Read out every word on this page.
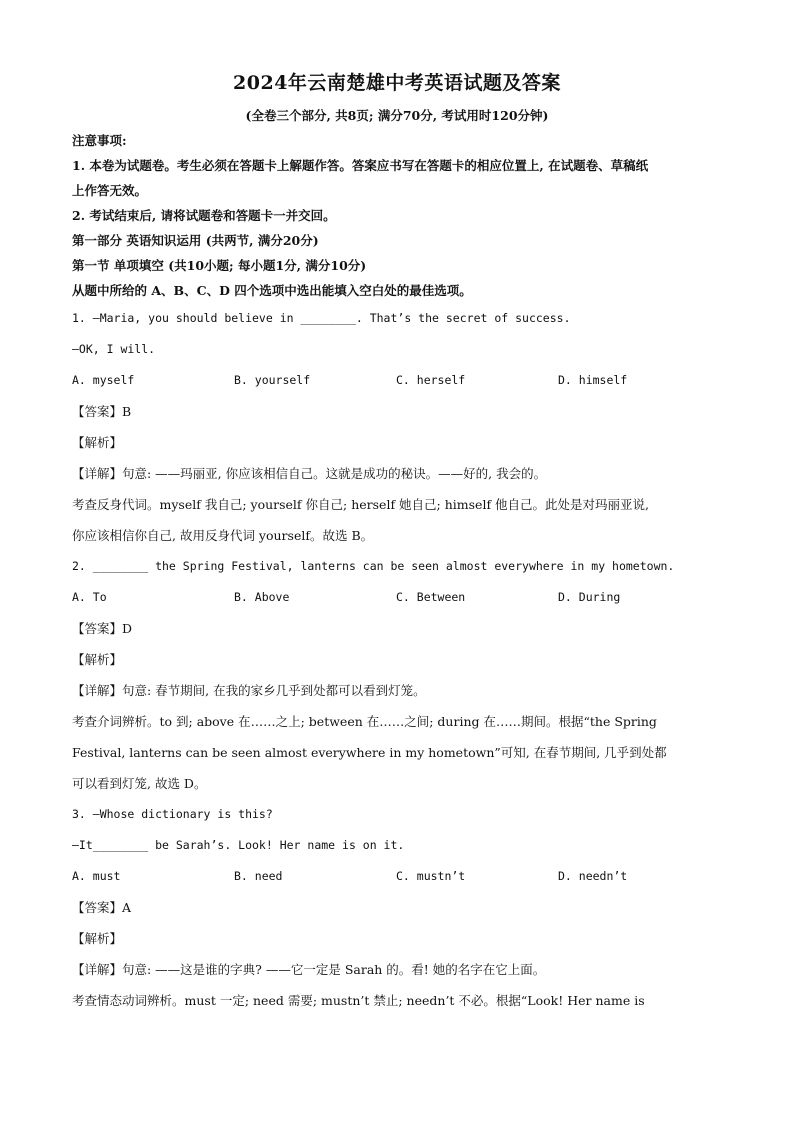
2024年云南楚雄中考英语试题及答案
(全卷三个部分, 共8页; 满分70分, 考试用时120分钟)
注意事项:
1. 本卷为试题卷。考生必须在答题卡上解题作答。答案应书写在答题卡的相应位置上, 在试题卷、草稿纸
上作答无效。
2. 考试结束后, 请将试题卷和答题卡一并交回。
第一部分 英语知识运用 (共两节, 满分20分)
第一节 单项填空 (共10小题; 每小题1分, 满分10分)
从题中所给的 A、B、C、D 四个选项中选出能填入空白处的最佳选项。
1. —Maria, you should believe in ________. That’s the secret of success.
—OK, I will.
A. myself	B. yourself	C. herself	D. himself
【答案】B
【解析】
【详解】句意: ——玛丽亚, 你应该相信自己。这就是成功的秘诀。——好的, 我会的。
考查反身代词。myself 我自己; yourself 你自己; herself 她自己; himself 他自己。此处是对玛丽亚说,
你应该相信你自己, 故用反身代词 yourself。故选 B。
2. ________ the Spring Festival, lanterns can be seen almost everywhere in my hometown.
A. To	B. Above	C. Between	D. During
【答案】D
【解析】
【详解】句意: 春节期间, 在我的家乡几乎到处都可以看到灯笼。
考查介词辨析。to 到; above 在……之上; between 在……之间; during 在……期间。根据“the Spring
Festival, lanterns can be seen almost everywhere in my hometown”可知, 在春节期间, 几乎到处都
可以看到灯笼, 故选 D。
3. —Whose dictionary is this?
—It________ be Sarah’s. Look! Her name is on it.
A. must	B. need	C. mustn’t	D. needn’t
【答案】A
【解析】
【详解】句意: ——这是谁的字典? ——它一定是 Sarah 的。看! 她的名字在它上面。
考查情态动词辨析。must 一定; need 需要; mustn’t 禁止; needn’t 不必。根据“Look! Her name is
